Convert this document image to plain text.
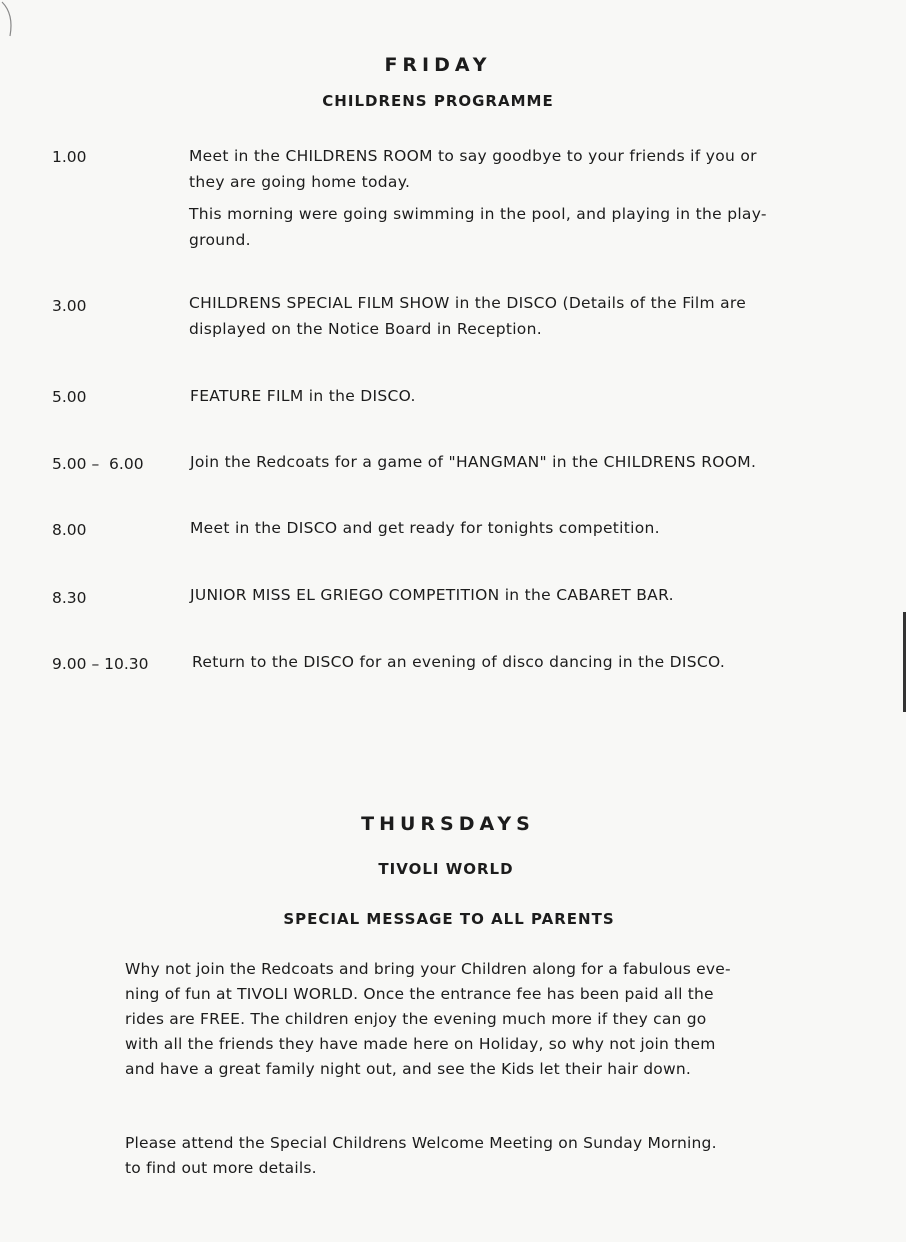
FRIDAY
CHILDRENS PROGRAMME
1.00	Meet in the CHILDRENS ROOM to say goodbye to your friends if you or
they are going home today.
This morning were going swimming in the pool, and playing in the play-
ground.
3.00	CHILDRENS SPECIAL FILM SHOW in the DISCO (Details of the Film are
displayed on the Notice Board in Reception.
5.00	FEATURE FILM in the DISCO.
5.00 –  6.00	Join the Redcoats for a game of "HANGMAN" in the CHILDRENS ROOM.
8.00	Meet in the DISCO and get ready for tonights competition.
8.30	JUNIOR MISS EL GRIEGO COMPETITION in the CABARET BAR.
9.00 – 10.30	Return to the DISCO for an evening of disco dancing in the DISCO.
THURSDAYS
TIVOLI WORLD
SPECIAL MESSAGE TO ALL PARENTS
Why not join the Redcoats and bring your Children along for a fabulous eve-
ning of fun at TIVOLI WORLD. Once the entrance fee has been paid all the
rides are FREE. The children enjoy the evening much more if they can go
with all the friends they have made here on Holiday, so why not join them
and have a great family night out, and see the Kids let their hair down.
Please attend the Special Childrens Welcome Meeting on Sunday Morning.
to find out more details.
